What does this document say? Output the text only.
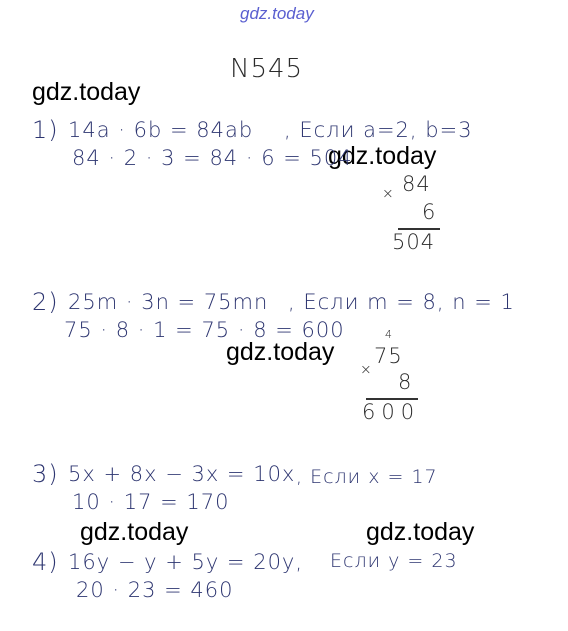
gdz.today
N545
gdz.today
gdz.today
gdz.today
gdz.today	gdz.today
1) 14a · 6b = 84ab , Если a=2, b=3
84 · 2 · 3 = 84 · 6 = 504
× 84
6
504
2) 25m · 3n = 75mn , Если m = 8, n = 1
75 · 8 · 1 = 75 · 8 = 600	4
×
75
8
600
3) 5x + 8x − 3x = 10x , Если x = 17
10 · 17 = 170
4) 16y − y + 5y = 20y, Если y = 23
20 · 23 = 460
